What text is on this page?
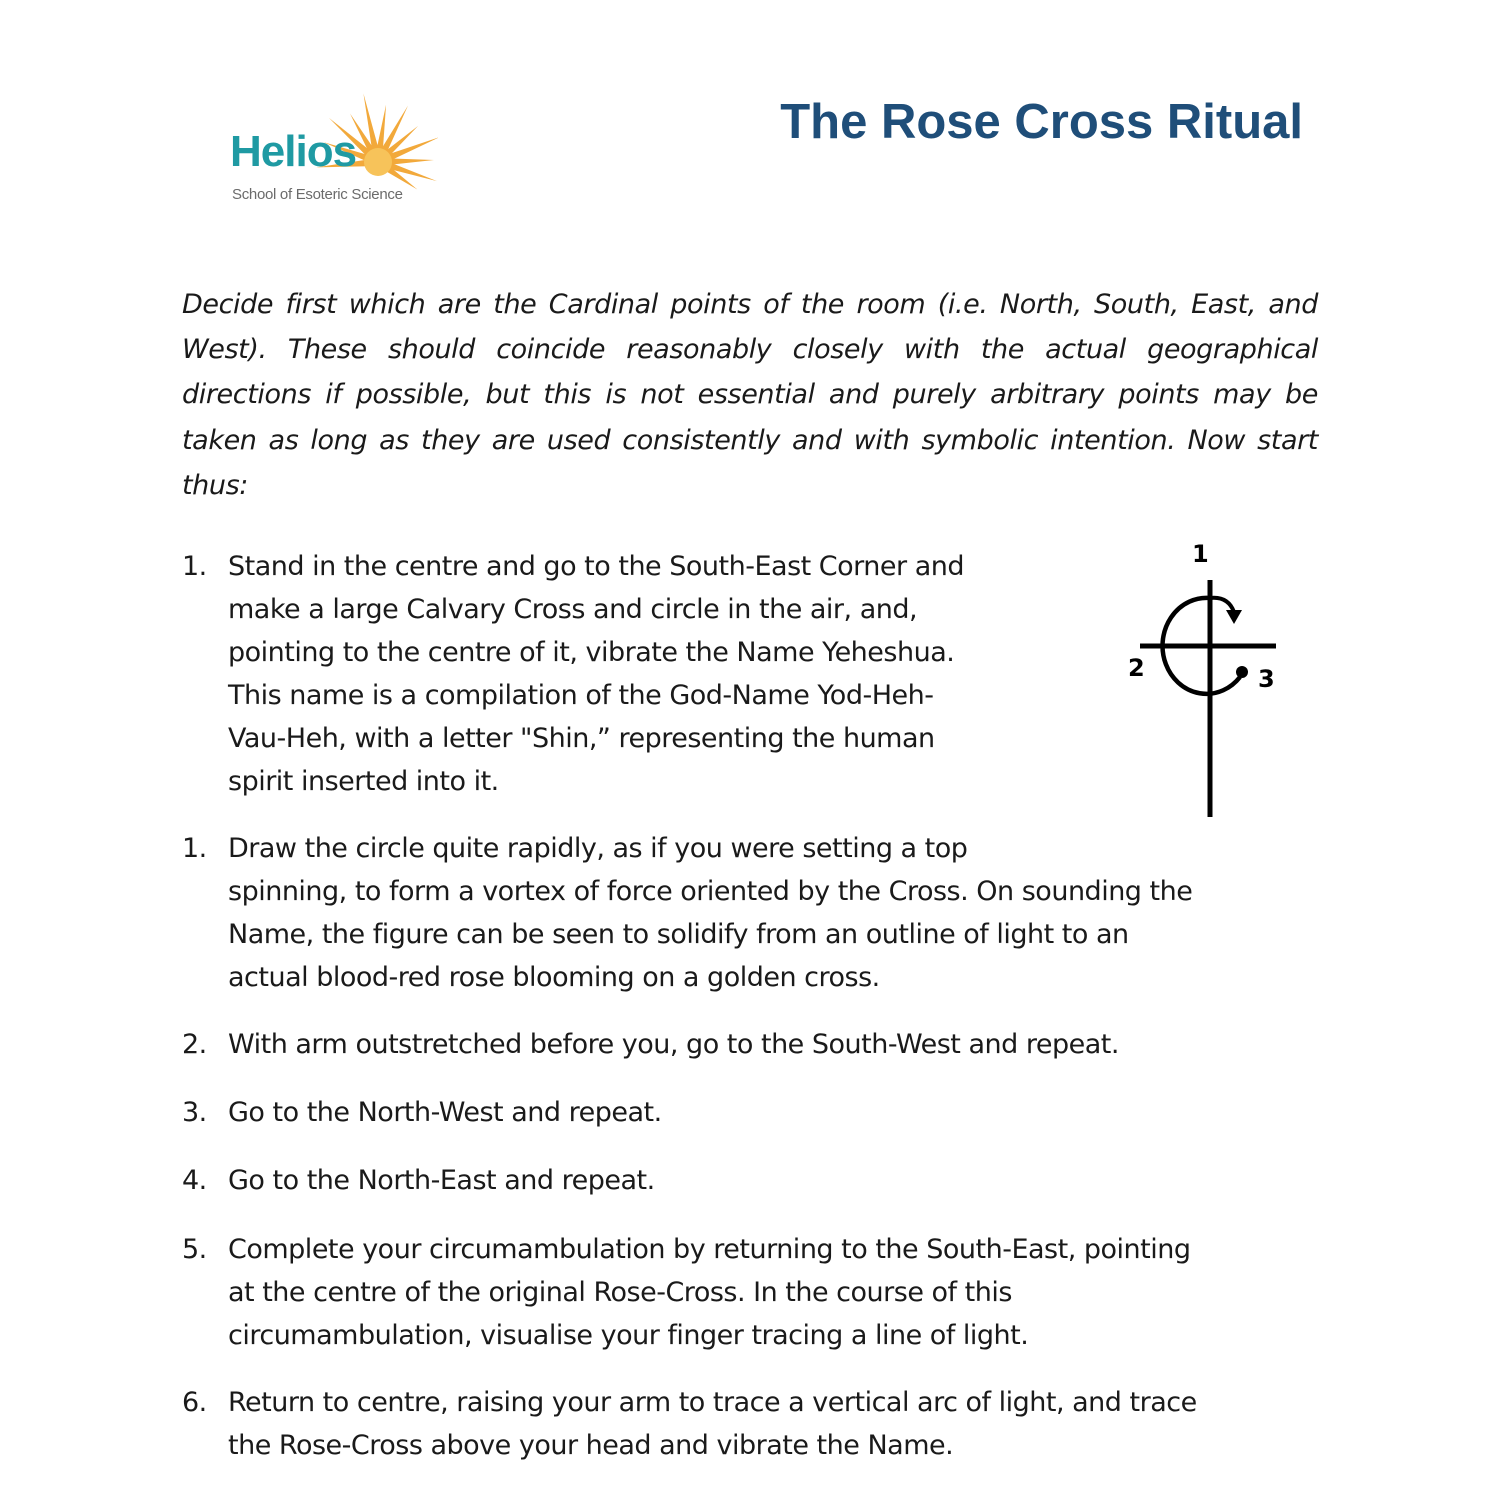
Helios
School of Esoteric Science
The Rose Cross Ritual

Decide first which are the Cardinal points of the room (i.e. North, South, East, and West). These should coincide reasonably closely with the actual geographical directions if possible, but this is not essential and purely arbitrary points may be taken as long as they are used consistently and with symbolic intention. Now start thus:

1. Stand in the centre and go to the South-East Corner and
make a large Calvary Cross and circle in the air, and,
pointing to the centre of it, vibrate the Name Yeheshua.
This name is a compilation of the God-Name Yod-Heh-
Vau-Heh, with a letter "Shin,” representing the human
spirit inserted into it.
1. Draw the circle quite rapidly, as if you were setting a top
spinning, to form a vortex of force oriented by the Cross. On sounding the
Name, the figure can be seen to solidify from an outline of light to an
actual blood-red rose blooming on a golden cross.
2. With arm outstretched before you, go to the South-West and repeat.
3. Go to the North-West and repeat.
4. Go to the North-East and repeat.
5. Complete your circumambulation by returning to the South-East, pointing
at the centre of the original Rose-Cross. In the course of this
circumambulation, visualise your finger tracing a line of light.
6. Return to centre, raising your arm to trace a vertical arc of light, and trace
the Rose-Cross above your head and vibrate the Name.
1
2	3
